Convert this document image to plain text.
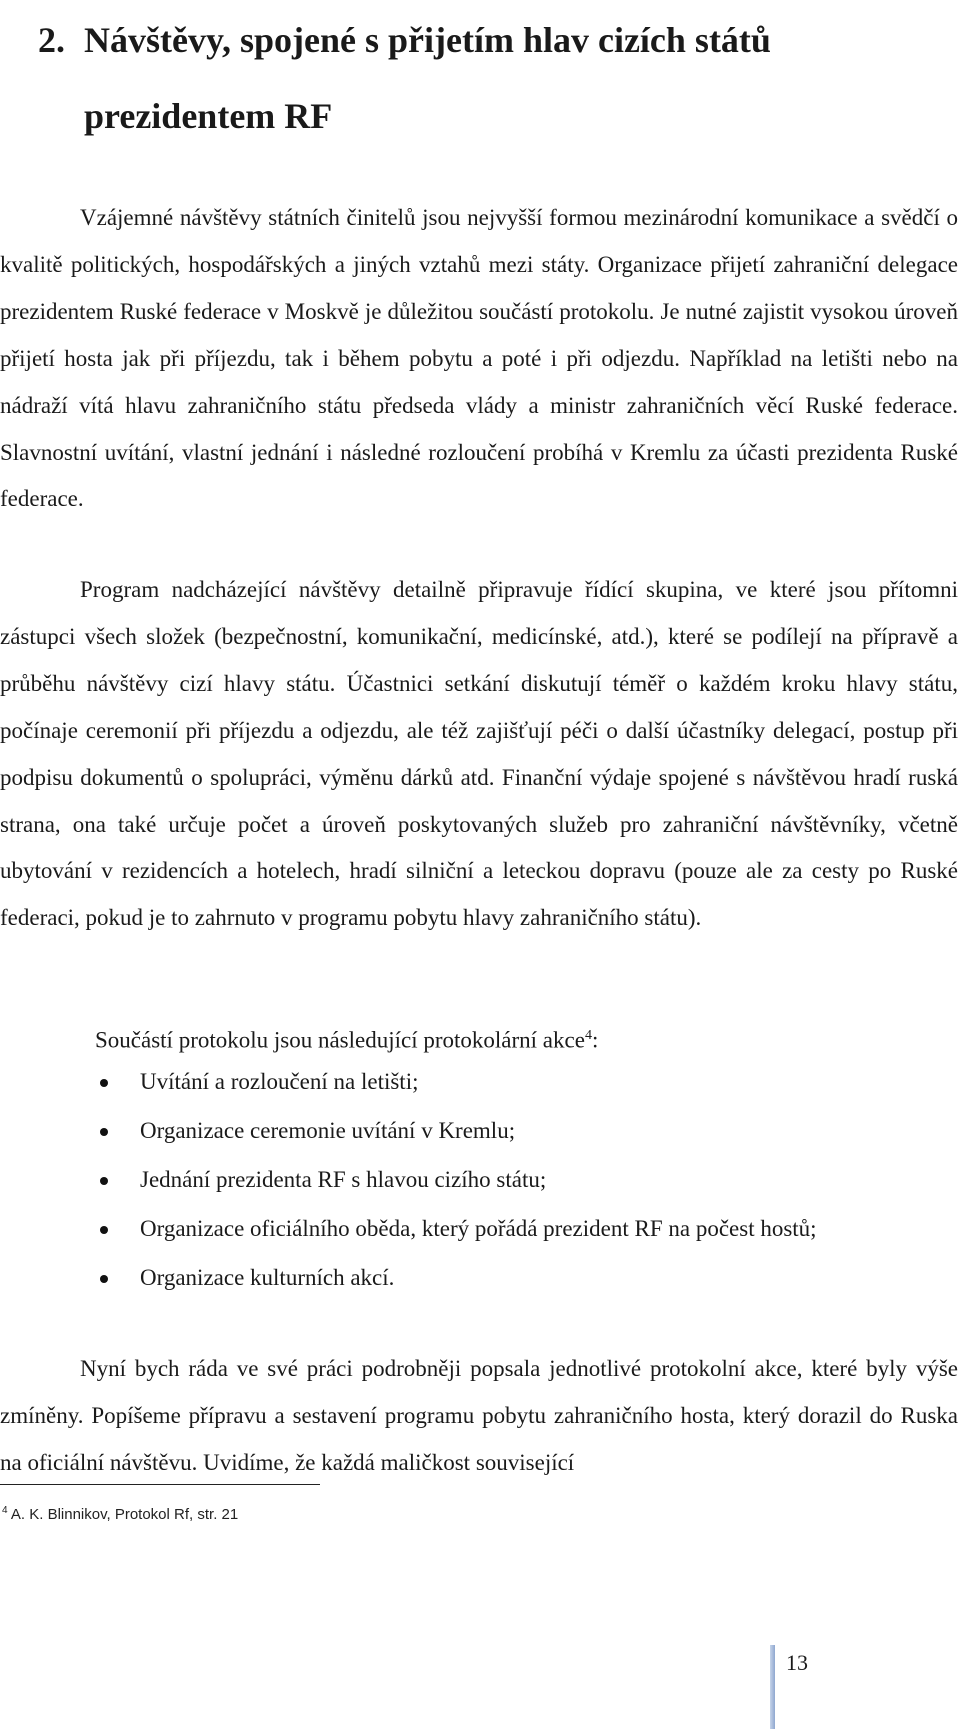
2. Návštěvy, spojené s přijetím hlav cizích států
prezidentem RF

Vzájemné návštěvy státních činitelů jsou nejvyšší formou mezinárodní komunikace a svědčí o kvalitě politických, hospodářských a jiných vztahů mezi státy. Organizace přijetí zahraniční delegace prezidentem Ruské federace v Moskvě je důležitou součástí protokolu. Je nutné zajistit vysokou úroveň přijetí hosta jak při příjezdu, tak i během pobytu a poté i při odjezdu. Například na letišti nebo na nádraží vítá hlavu zahraničního státu předseda vlády a ministr zahraničních věcí Ruské federace. Slavnostní uvítání, vlastní jednání i následné rozloučení probíhá v Kremlu za účasti prezidenta Ruské federace.

Program nadcházející návštěvy detailně připravuje řídící skupina, ve které jsou přítomni zástupci všech složek (bezpečnostní, komunikační, medicínské, atd.), které se podílejí na přípravě a průběhu návštěvy cizí hlavy státu. Účastnici setkání diskutují téměř o každém kroku hlavy státu, počínaje ceremonií při příjezdu a odjezdu, ale též zajišťují péči o další účastníky delegací, postup při podpisu dokumentů o spolupráci, výměnu dárků atd. Finanční výdaje spojené s návštěvou hradí ruská strana, ona také určuje počet a úroveň poskytovaných služeb pro zahraniční návštěvníky, včetně ubytování v rezidencích a hotelech, hradí silniční a leteckou dopravu (pouze ale za cesty po Ruské federaci, pokud je to zahrnuto v programu pobytu hlavy zahraničního státu).

Součástí protokolu jsou následující protokolární akce$^4$:

Uvítání a rozloučení na letišti;
Organizace ceremonie uvítání v Kremlu;
Jednání prezidenta RF s hlavou cizího státu;
Organizace oficiálního oběda, který pořádá prezident RF na počest hostů;
Organizace kulturních akcí.

Nyní bych ráda ve své práci podrobněji popsala jednotlivé protokolní akce, které byly výše zmíněny. Popíšeme přípravu a sestavení programu pobytu zahraničního hosta, který dorazil do Ruska na oficiální návštěvu. Uvidíme, že každá maličkost související

$^4$ A. K. Blinnikov, Protokol Rf, str. 21

13
